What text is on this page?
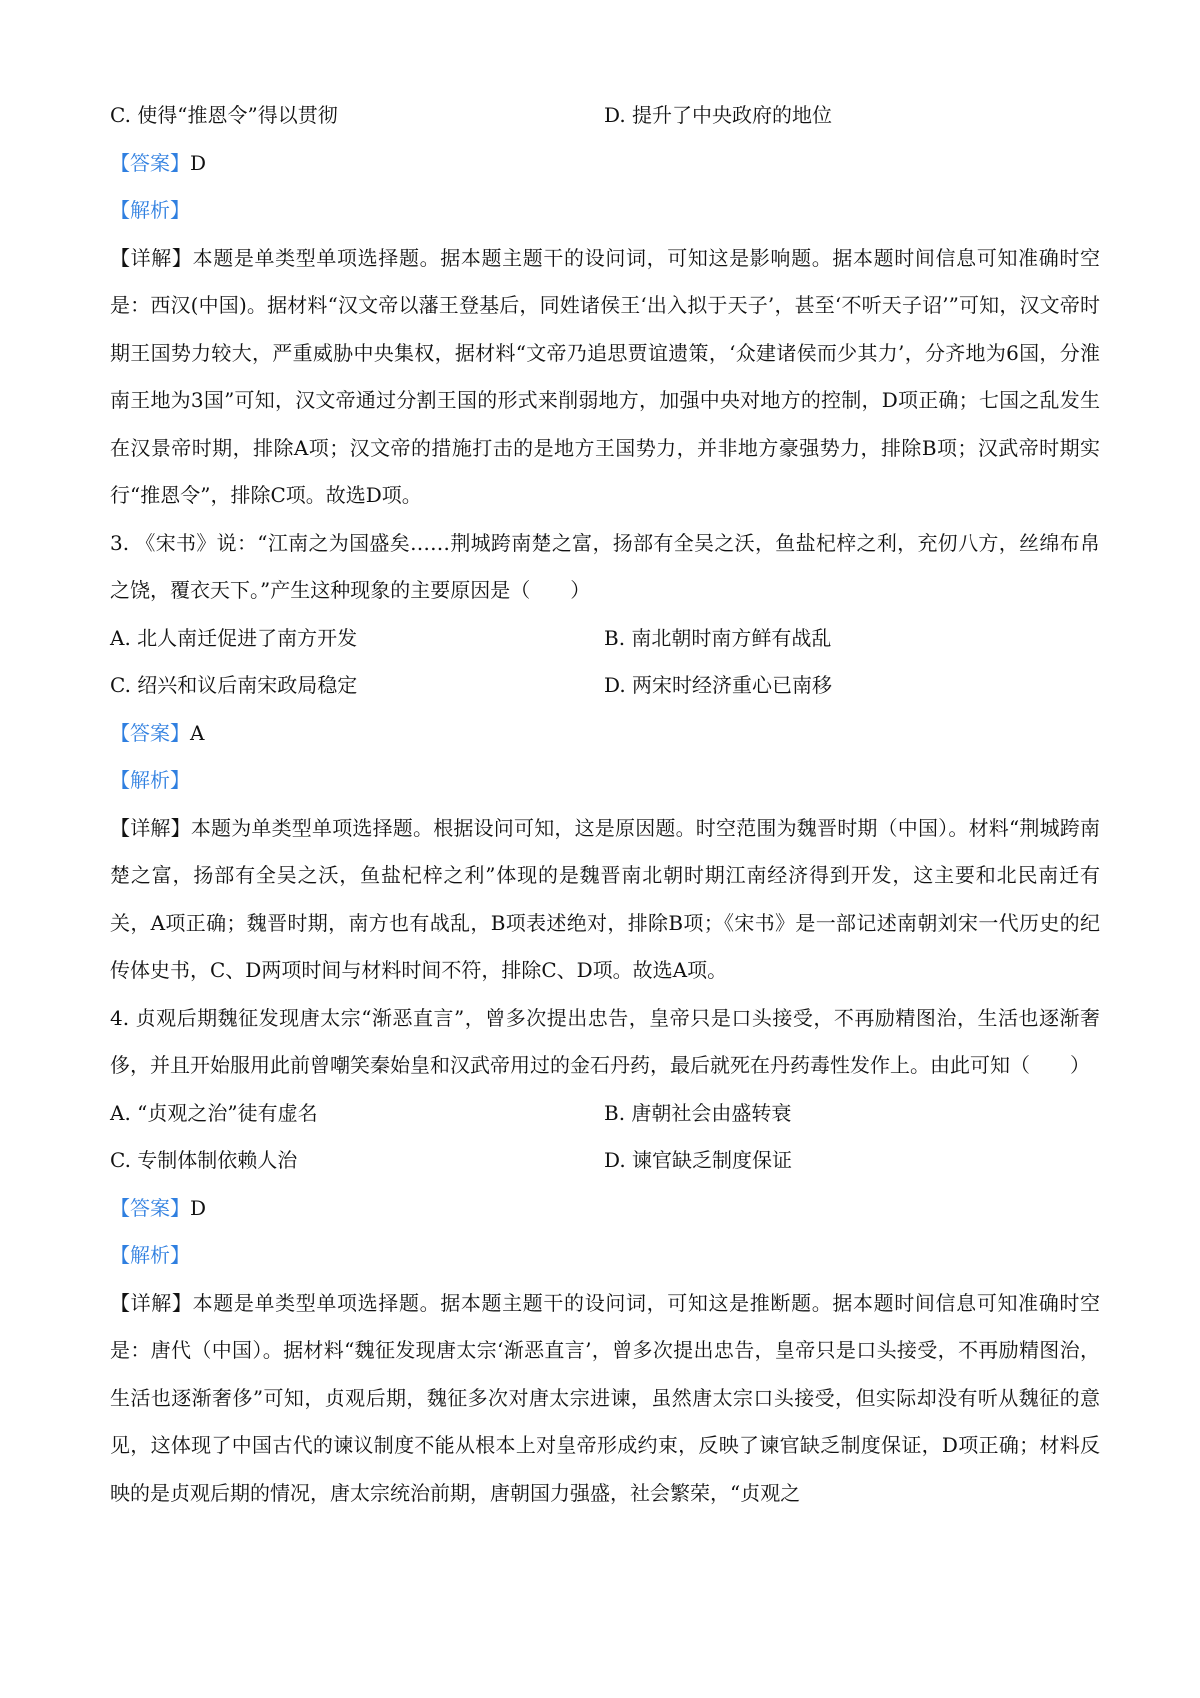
C. 使得“推恩令”得以贯彻	D. 提升了中央政府的地位
【答案】D
【解析】
【详解】本题是单类型单项选择题。据本题主题干的设问词，可知这是影响题。据本题时间信息可知准确时空是：西汉(中国)。据材料“汉文帝以藩王登基后，同姓诸侯王‘出入拟于天子’，甚至‘不听天子诏’”可知，汉文帝时期王国势力较大，严重威胁中央集权，据材料“文帝乃追思贾谊遗策，‘众建诸侯而少其力’，分齐地为6国，分淮南王地为3国”可知，汉文帝通过分割王国的形式来削弱地方，加强中央对地方的控制，D项正确；七国之乱发生在汉景帝时期，排除A项；汉文帝的措施打击的是地方王国势力，并非地方豪强势力，排除B项；汉武帝时期实行“推恩令”，排除C项。故选D项。
3. 《宋书》说：“江南之为国盛矣……荆城跨南楚之富，扬部有全吴之沃，鱼盐杞梓之利，充仞八方，丝绵布帛之饶，覆衣天下。”产生这种现象的主要原因是（　　）
A. 北人南迁促进了南方开发	B. 南北朝时南方鲜有战乱
C. 绍兴和议后南宋政局稳定	D. 两宋时经济重心已南移
【答案】A
【解析】
【详解】本题为单类型单项选择题。根据设问可知，这是原因题。时空范围为魏晋时期（中国）。材料“荆城跨南楚之富，扬部有全吴之沃，鱼盐杞梓之利”体现的是魏晋南北朝时期江南经济得到开发，这主要和北民南迁有关，A项正确；魏晋时期，南方也有战乱，B项表述绝对，排除B项；《宋书》是一部记述南朝刘宋一代历史的纪传体史书，C、D两项时间与材料时间不符，排除C、D项。故选A项。
4. 贞观后期魏征发现唐太宗“渐恶直言”，曾多次提出忠告，皇帝只是口头接受，不再励精图治，生活也逐渐奢侈，并且开始服用此前曾嘲笑秦始皇和汉武帝用过的金石丹药，最后就死在丹药毒性发作上。由此可知（　　）
A. “贞观之治”徒有虚名	B. 唐朝社会由盛转衰
C. 专制体制依赖人治	D. 谏官缺乏制度保证
【答案】D
【解析】
【详解】本题是单类型单项选择题。据本题主题干的设问词，可知这是推断题。据本题时间信息可知准确时空是：唐代（中国）。据材料“魏征发现唐太宗‘渐恶直言’，曾多次提出忠告，皇帝只是口头接受，不再励精图治，生活也逐渐奢侈”可知，贞观后期，魏征多次对唐太宗进谏，虽然唐太宗口头接受，但实际却没有听从魏征的意见，这体现了中国古代的谏议制度不能从根本上对皇帝形成约束，反映了谏官缺乏制度保证，D项正确；材料反映的是贞观后期的情况，唐太宗统治前期，唐朝国力强盛，社会繁荣，“贞观之
